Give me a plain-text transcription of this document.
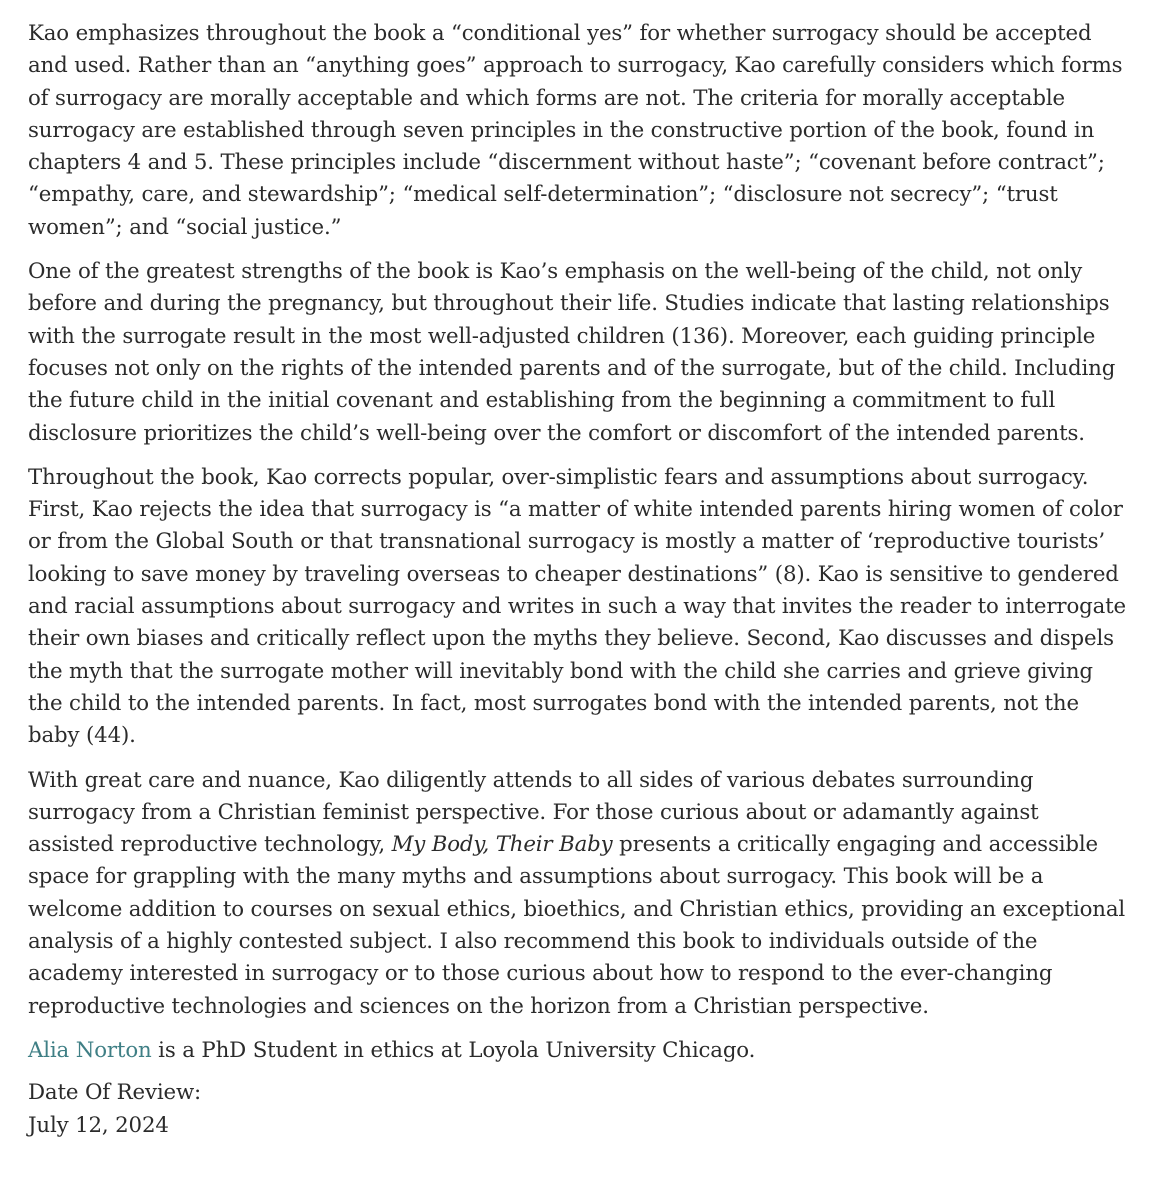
Kao emphasizes throughout the book a “conditional yes” for whether surrogacy should be accepted and used. Rather than an “anything goes” approach to surrogacy, Kao carefully considers which forms of surrogacy are morally acceptable and which forms are not. The criteria for morally acceptable surrogacy are established through seven principles in the constructive portion of the book, found in chapters 4 and 5. These principles include “discernment without haste”; “covenant before contract”; “empathy, care, and stewardship”; “medical self-determination”; “disclosure not secrecy”; “trust women”; and “social justice.”

One of the greatest strengths of the book is Kao’s emphasis on the well-being of the child, not only before and during the pregnancy, but throughout their life. Studies indicate that lasting relationships with the surrogate result in the most well-adjusted children (136). Moreover, each guiding principle focuses not only on the rights of the intended parents and of the surrogate, but of the child. Including the future child in the initial covenant and establishing from the beginning a commitment to full disclosure prioritizes the child’s well-being over the comfort or discomfort of the intended parents.

Throughout the book, Kao corrects popular, over-simplistic fears and assumptions about surrogacy. First, Kao rejects the idea that surrogacy is “a matter of white intended parents hiring women of color or from the Global South or that transnational surrogacy is mostly a matter of ‘reproductive tourists’ looking to save money by traveling overseas to cheaper destinations” (8). Kao is sensitive to gendered and racial assumptions about surrogacy and writes in such a way that invites the reader to interrogate their own biases and critically reflect upon the myths they believe. Second, Kao discusses and dispels the myth that the surrogate mother will inevitably bond with the child she carries and grieve giving the child to the intended parents. In fact, most surrogates bond with the intended parents, not the baby (44).

With great care and nuance, Kao diligently attends to all sides of various debates surrounding surrogacy from a Christian feminist perspective. For those curious about or adamantly against assisted reproductive technology, My Body, Their Baby presents a critically engaging and accessible space for grappling with the many myths and assumptions about surrogacy. This book will be a welcome addition to courses on sexual ethics, bioethics, and Christian ethics, providing an exceptional analysis of a highly contested subject. I also recommend this book to individuals outside of the academy interested in surrogacy or to those curious about how to respond to the ever-changing reproductive technologies and sciences on the horizon from a Christian perspective.

Alia Norton is a PhD Student in ethics at Loyola University Chicago.

Date Of Review:

July 12, 2024
